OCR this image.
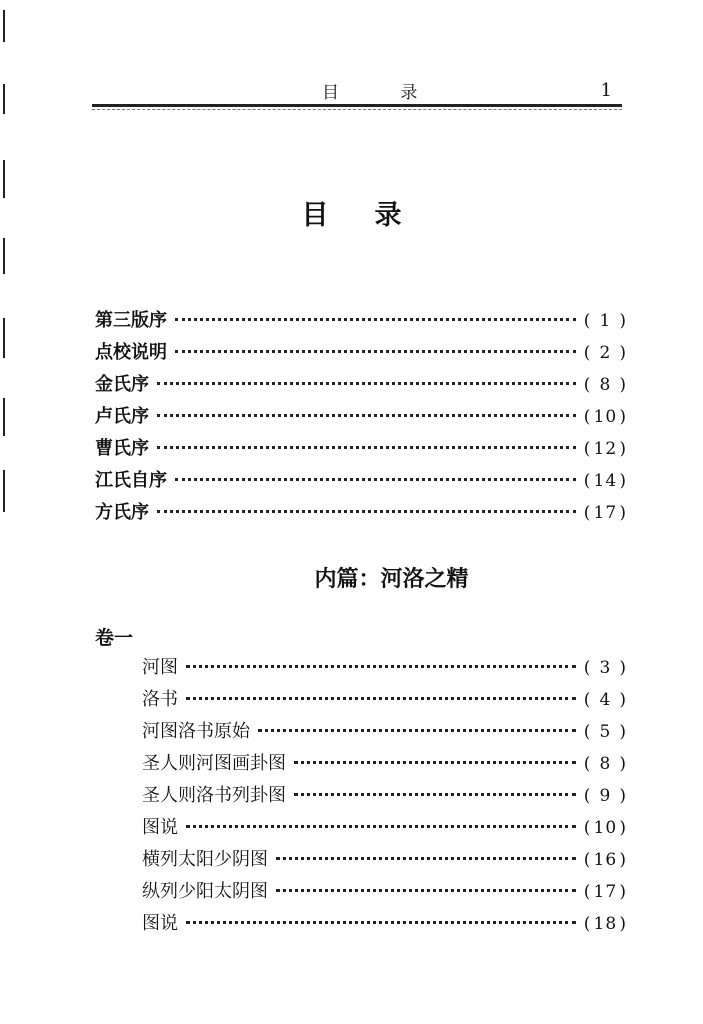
目 录	1
目录
第三版序	( 1 )
点校说明	( 2 )
金氏序	( 8 )
卢氏序	( 10 )
曹氏序	( 12 )
江氏自序	( 14 )
方氏序	( 17 )
内篇：河洛之精
卷一
河图	( 3 )
洛书	( 4 )
河图洛书原始	( 5 )
圣人则河图画卦图	( 8 )
圣人则洛书列卦图	( 9 )
图说	( 10 )
横列太阳少阴图	( 16 )
纵列少阳太阴图	( 17 )
图说	( 18 )
